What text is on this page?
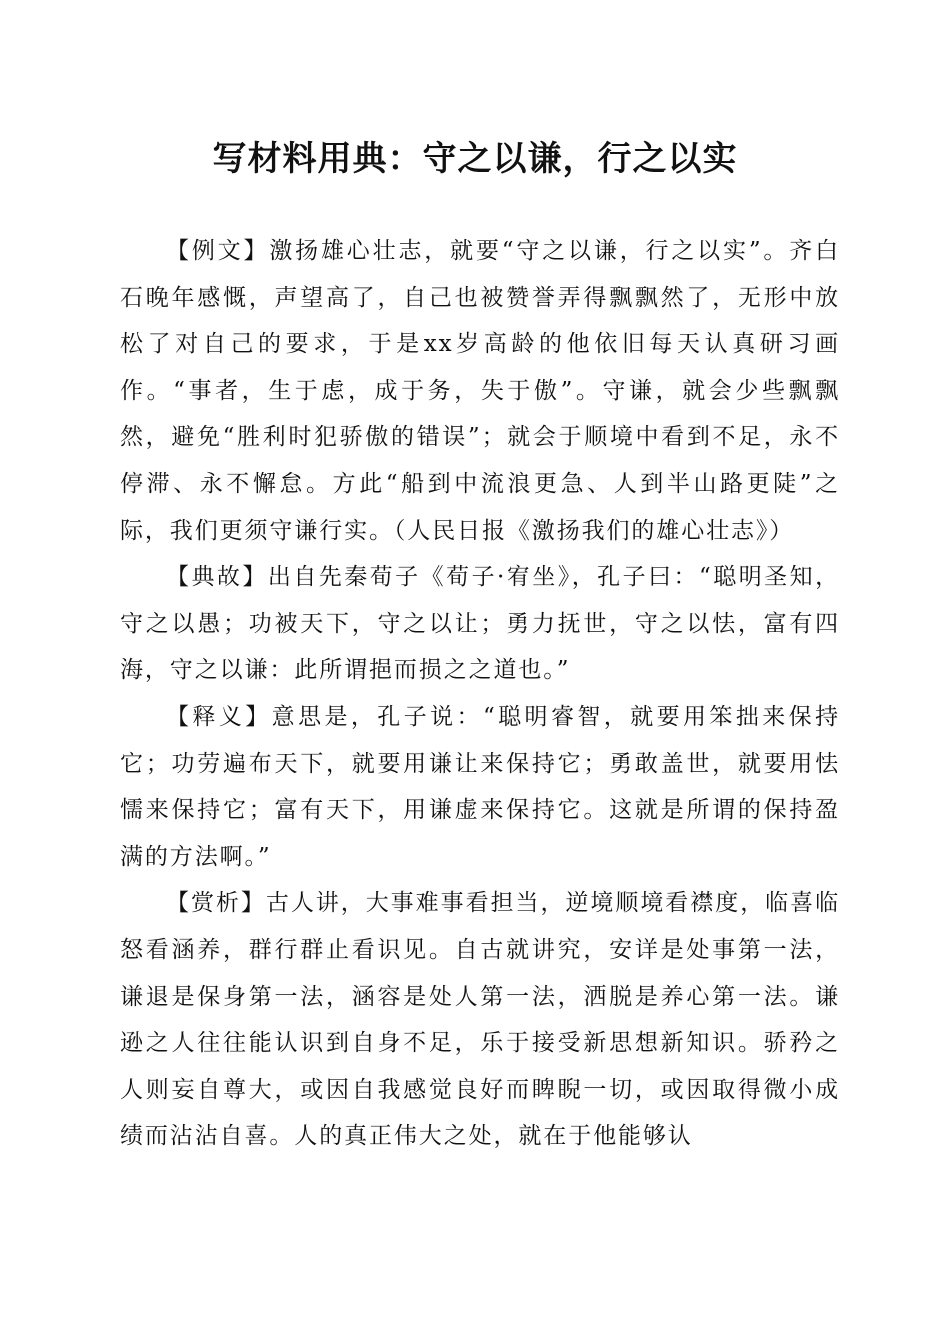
写材料用典：守之以谦，行之以实

【例文】激扬雄心壮志，就要“守之以谦，行之以实”。齐白石晚年感慨，声望高了，自己也被赞誉弄得飘飘然了，无形中放松了对自己的要求，于是xx岁高龄的他依旧每天认真研习画作。“事者，生于虑，成于务，失于傲”。守谦，就会少些飘飘然，避免“胜利时犯骄傲的错误”；就会于顺境中看到不足，永不停滞、永不懈怠。方此“船到中流浪更急、人到半山路更陡”之际，我们更须守谦行实。（人民日报《激扬我们的雄心壮志》）

【典故】出自先秦荀子《荀子·宥坐》，孔子曰：“聪明圣知，守之以愚；功被天下，守之以让；勇力抚世，守之以怯，富有四海，守之以谦：此所谓挹而损之之道也。”

【释义】意思是，孔子说：“聪明睿智，就要用笨拙来保持它；功劳遍布天下，就要用谦让来保持它；勇敢盖世，就要用怯懦来保持它；富有天下，用谦虚来保持它。这就是所谓的保持盈满的方法啊。”

【赏析】古人讲，大事难事看担当，逆境顺境看襟度，临喜临怒看涵养，群行群止看识见。自古就讲究，安详是处事第一法，谦退是保身第一法，涵容是处人第一法，洒脱是养心第一法。谦逊之人往往能认识到自身不足，乐于接受新思想新知识。骄矜之人则妄自尊大，或因自我感觉良好而睥睨一切，或因取得微小成绩而沾沾自喜。人的真正伟大之处，就在于他能够认
